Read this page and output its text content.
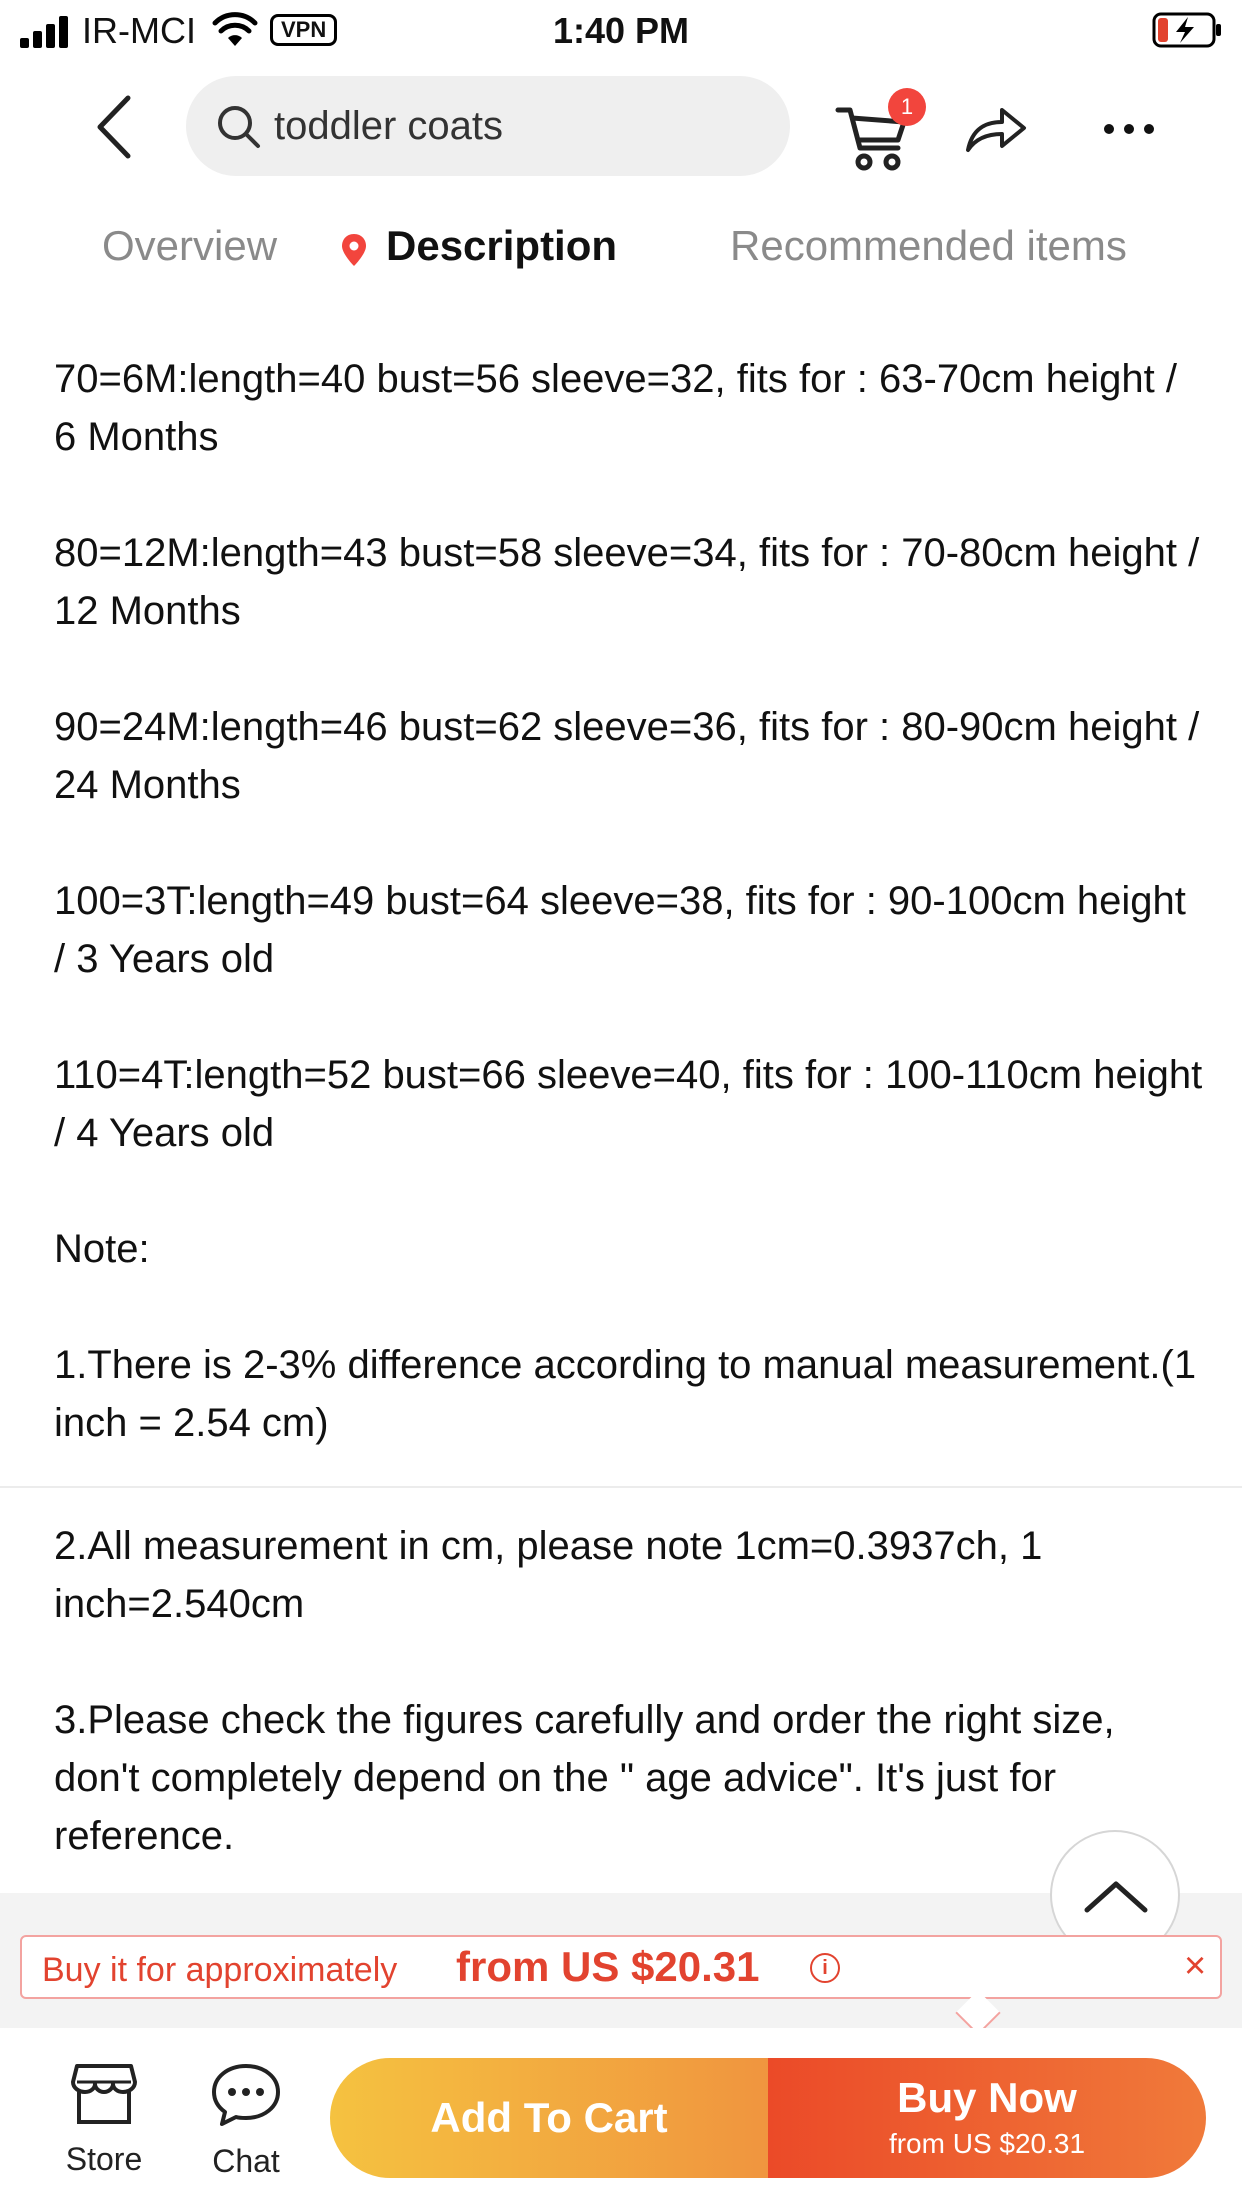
IR-MCI	VPN	1:40 PM
toddler coats	1
Overview	Description	Recommended items

70=6M:length=40 bust=56 sleeve=32, fits for : 63-70cm height / 6 Months

80=12M:length=43 bust=58 sleeve=34, fits for : 70-80cm height / 12 Months

90=24M:length=46 bust=62 sleeve=36, fits for : 80-90cm height / 24 Months

100=3T:length=49 bust=64 sleeve=38, fits for : 90-100cm height / 3 Years old

110=4T:length=52 bust=66 sleeve=40, fits for : 100-110cm height / 4 Years old

Note:

1.There is 2-3% difference according to manual measurement.(1 inch = 2.54 cm)

2.All measurement in cm, please note 1cm=0.3937ch, 1 inch=2.540cm

3.Please check the figures carefully and order the right size, don't completely depend on the " age advice". It's just for reference.

Buy it for approximately from US $20.31	i	×
Store	Chat
Add To Cart	Buy Now
from US $20.31
